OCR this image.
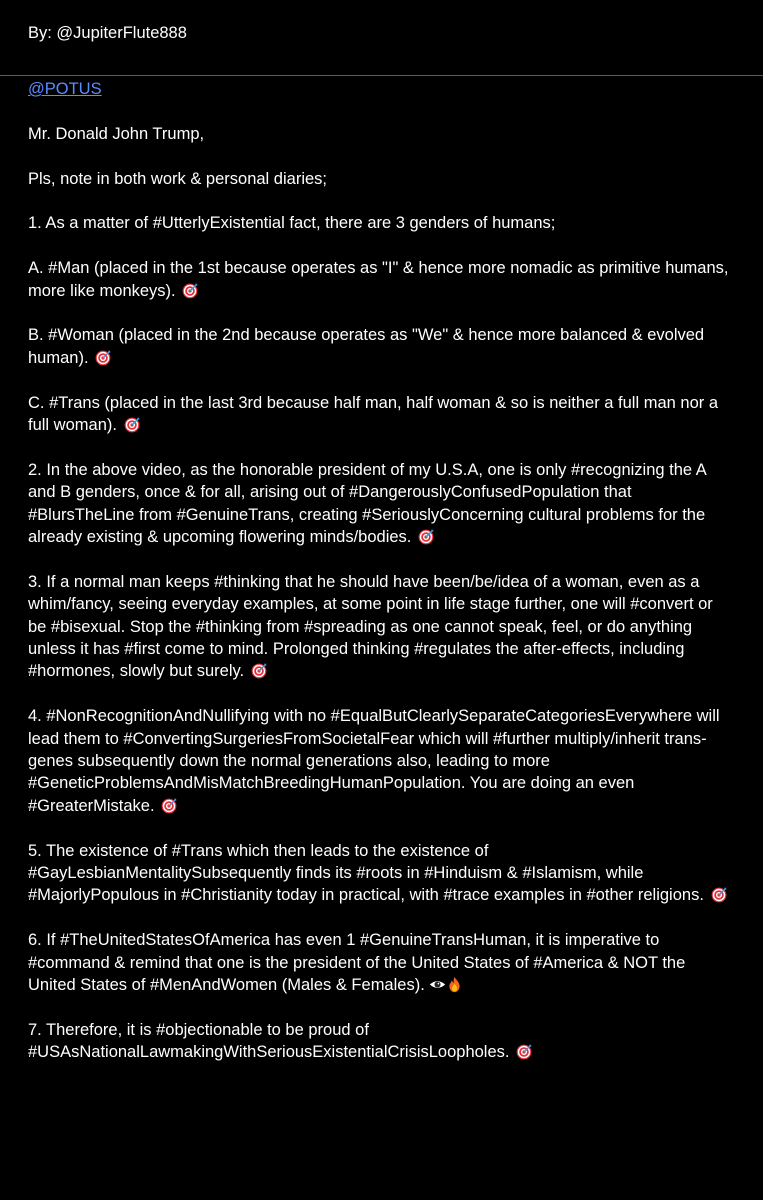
By: @JupiterFlute888
@POTUS

Mr. Donald John Trump,

Pls, note in both work & personal diaries;

1. As a matter of #UtterlyExistential fact, there are 3 genders of humans;

A. #Man (placed in the 1st because operates as "I" & hence more nomadic as primitive humans, more like monkeys).

B. #Woman (placed in the 2nd because operates as "We" & hence more balanced & evolved human).

C. #Trans (placed in the last 3rd because half man, half woman & so is neither a full man nor a full woman).

2. In the above video, as the honorable president of my U.S.A, one is only #recognizing the A and B genders, once & for all, arising out of #DangerouslyConfusedPopulation that #BlursTheLine from #GenuineTrans, creating #SeriouslyConcerning cultural problems for the already existing & upcoming flowering minds/bodies.

3. If a normal man keeps #thinking that he should have been/be/idea of a woman, even as a whim/fancy, seeing everyday examples, at some point in life stage further, one will #convert or be #bisexual. Stop the #thinking from #spreading as one cannot speak, feel, or do anything unless it has #first come to mind. Prolonged thinking #regulates the after-effects, including #hormones, slowly but surely.

4. #NonRecognitionAndNullifying with no #EqualButClearlySeparateCategoriesEverywhere will lead them to #ConvertingSurgeriesFromSocietalFear which will #further multiply/inherit trans-genes subsequently down the normal generations also, leading to more #GeneticProblemsAndMisMatchBreedingHumanPopulation. You are doing an even #GreaterMistake.

5. The existence of #Trans which then leads to the existence of #GayLesbianMentalitySubsequently finds its #roots in #Hinduism & #Islamism, while #MajorlyPopulous in #Christianity today in practical, with #trace examples in #other religions.

6. If #TheUnitedStatesOfAmerica has even 1 #GenuineTransHuman, it is imperative to #command & remind that one is the president of the United States of #America & NOT the United States of #MenAndWomen (Males & Females).

7. Therefore, it is #objectionable to be proud of #USAsNationalLawmakingWithSeriousExistentialCrisisLoopholes.
